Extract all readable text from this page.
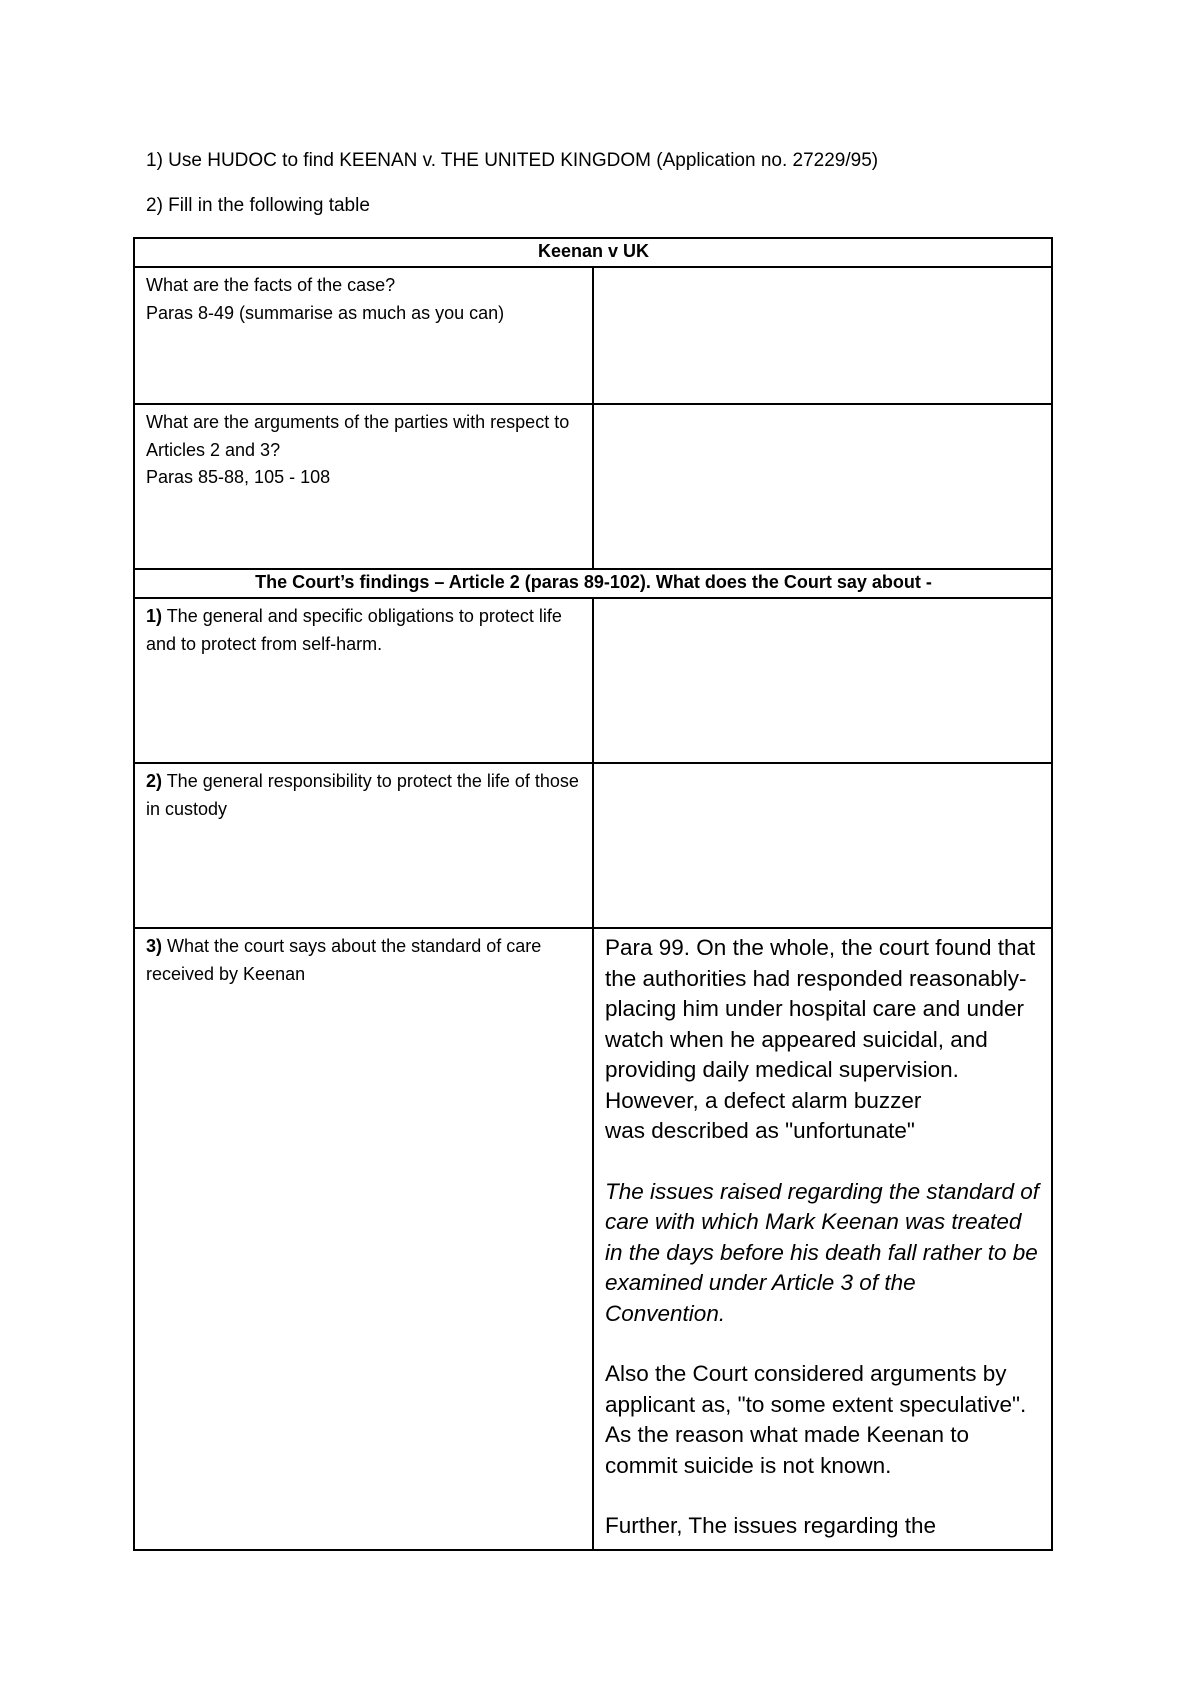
1) Use HUDOC to find KEENAN v. THE UNITED KINGDOM (Application no. 27229/95)
2) Fill in the following table
Keenan v UK	

What are the facts of the case?
Paras 8-49 (summarise as much as you can)	

What are the arguments of the parties with respect to Articles 2 and 3?
Paras 85-88, 105 - 108	

The Court’s findings – Article 2 (paras 89-102). What does the Court say about -	
1) The general and specific obligations to protect life and to protect from self-harm.	
2) The general responsibility to protect the life of those in custody	
3) What the court says about the standard of care received by Keenan	Para 99. On the whole, the court found that the authorities had responded reasonably- placing him under hospital care and under watch when he appeared suicidal, and providing daily medical supervision. However, a defect alarm buzzer

was described as "unfortunate"

The issues raised regarding the standard of care with which Mark Keenan was treated in the days before his death fall rather to be examined under Article 3 of the Convention.

Also the Court considered arguments by applicant as, "to some extent speculative". As the reason what made Keenan to commit suicide is not known.

Further, The issues regarding the
